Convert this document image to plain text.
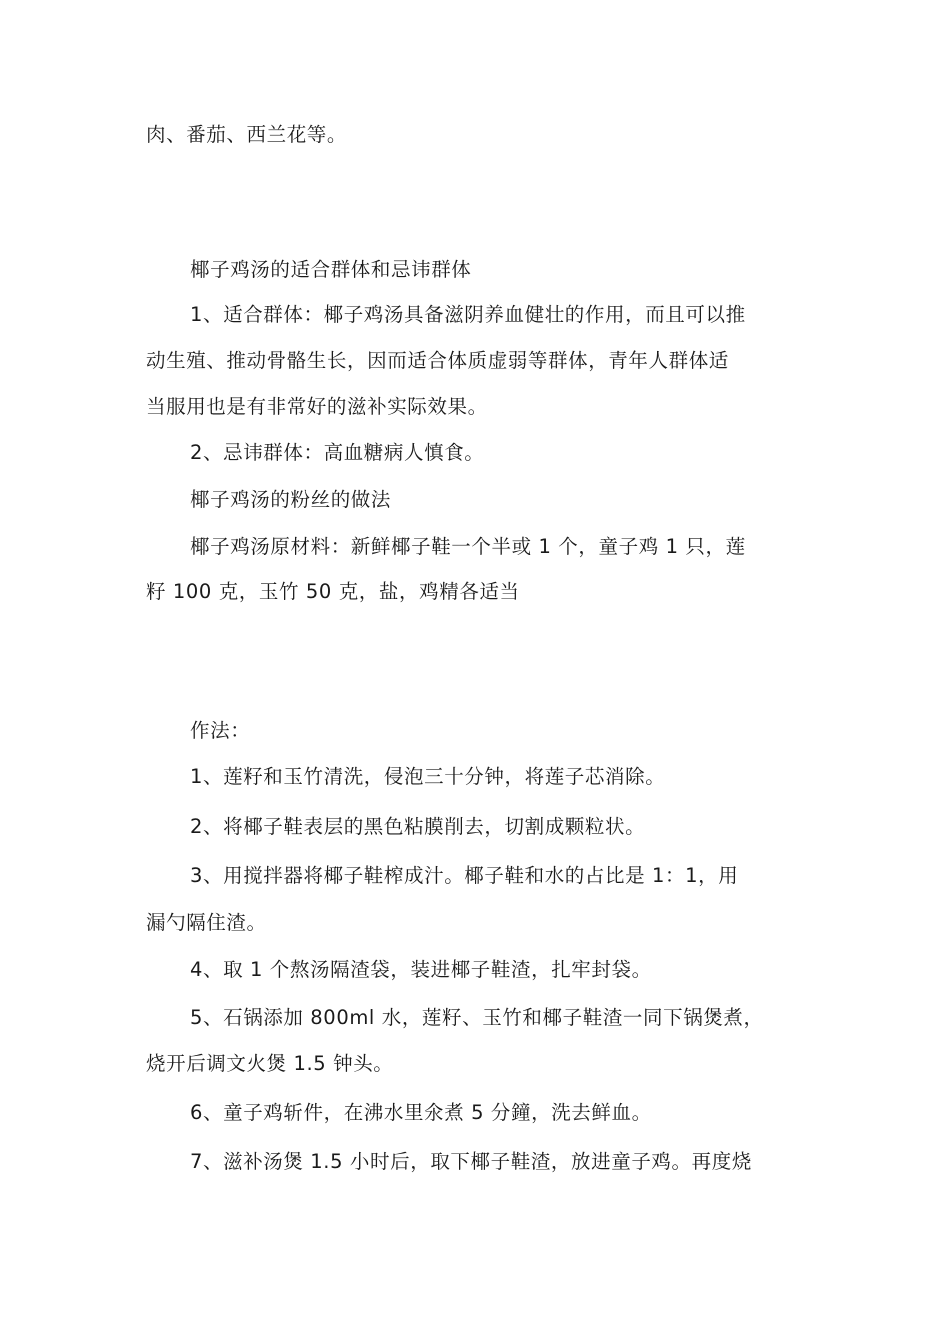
肉、番茄、西兰花等。
椰子鸡汤的适合群体和忌讳群体
1、适合群体：椰子鸡汤具备滋阴养血健壮的作用，而且可以推
动生殖、推动骨骼生长，因而适合体质虚弱等群体，青年人群体适
当服用也是有非常好的滋补实际效果。
2、忌讳群体：高血糖病人慎食。
椰子鸡汤的粉丝的做法
椰子鸡汤原材料：新鲜椰子鞋一个半或 1 个，童子鸡 1 只，莲
籽 100 克，玉竹 50 克，盐，鸡精各适当
作法：
1、莲籽和玉竹清洗，侵泡三十分钟，将莲子芯消除。
2、将椰子鞋表层的黑色粘膜削去，切割成颗粒状。
3、用搅拌器将椰子鞋榨成汁。椰子鞋和水的占比是 1：1，用
漏勺隔住渣。
4、取 1 个熬汤隔渣袋，装进椰子鞋渣，扎牢封袋。
5、石锅添加 800ml 水，莲籽、玉竹和椰子鞋渣一同下锅煲煮，
烧开后调文火煲 1.5 钟头。
6、童子鸡斩件，在沸水里氽煮 5 分鐘，洗去鲜血。
7、滋补汤煲 1.5 小时后，取下椰子鞋渣，放进童子鸡。再度烧
